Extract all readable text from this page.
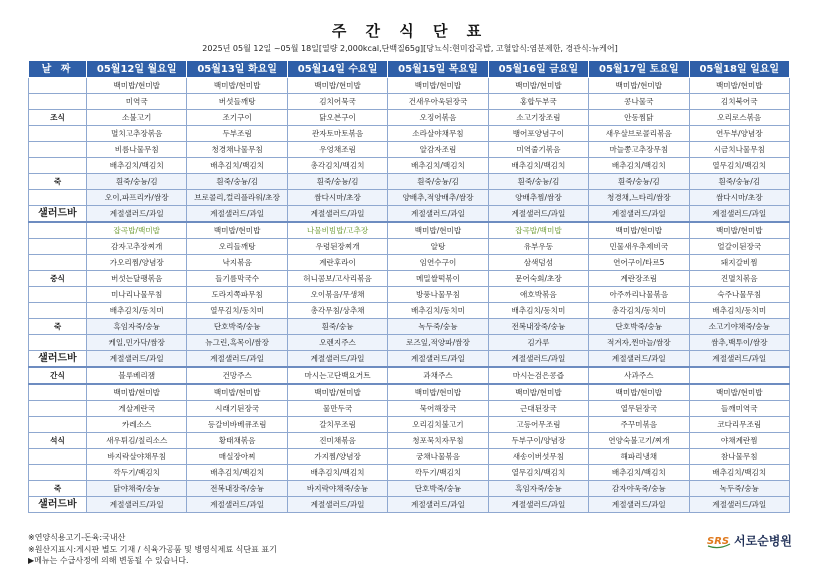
주 간 식 단 표
2025년 05월 12일 ~05월 18일[열량 2,000kcal,단백질65g][당뇨식:현미잡곡밥, 고혈압식:염분제한, 경관식:뉴케어]
날 짜	05월12일 월요일	05월13일 화요일	05월14일 수요일	05월15일 목요일	05월16일 금요일	05월17일 토요일	05월18일 일요일
	백미밥/현미밥	백미밥/현미밥	백미밥/현미밥	백미밥/현미밥	백미밥/현미밥	백미밥/현미밥	백미밥/현미밥
	미역국	버섯들깨탕	김치어묵국	건새우아욱된장국	홍합두부국	콩나물국	김치북어국
조식	소불고기	조기구이	닭오븐구이	오징어볶음	소고기장조림	안동찜닭	오리로스볶음
	멸치고추장볶음	두부조림	관자토마토볶음	소라살야채무침	뱅어포양념구이	새우살브로콜리볶음	연두부/양념장
	비름나물무침	청경채나물무침	우엉채조림	알감자조림	미역줄기볶음	마늘쫑고추장무침	시금치나물무침
	배추김치/백김치	배추김치/백김치	총각김치/백김치	배추김치/백김치	배추김치/백김치	배추김치/백김치	열무김치/백김치
죽	흰죽/숭늉/김	흰죽/숭늉/김	흰죽/숭늉/김	흰죽/숭늉/김	흰죽/숭늉/김	흰죽/숭늉/김	흰죽/숭늉/김
	오이,파프리카/쌈장	브로콜리,컬리플라워/초장	쌈다시마/초장	양배추,적양배추/쌈장	양배추찜/쌈장	청경채,느타리/쌈장	쌈다시마/초장
샐러드바	계절샐러드/과일	계절샐러드/과일	계절샐러드/과일	계절샐러드/과일	계절샐러드/과일	계절샐러드/과일	계절샐러드/과일
	잡곡밥/백미밥	백미밥/현미밥	나물비빔밥/고추장	백미밥/현미밥	잡곡밥/백미밥	백미밥/현미밥	백미밥/현미밥
	감자고추장찌개	오리들깨탕	우렁된장찌개	알탕	유부우동	민물새우추제비국	얼갈이된장국
	가오리찜/양념장	낙지볶음	계란후라이	임연수구이	삼색덤섬	연어구이/타르5	돼지갈비찜
중식	버섯는달팽볶음	들기름막국수	허니콤보/고사리볶음	메밀쌀떡볶이	문어숙회/초장	계란장조림	진멸치볶음
	미나리나물무침	도라지쪽파무침	오이볶음/무생채	방풍나물무침	애호박볶음	아주까리나물볶음	숙주나물무침
	배추김치/동치미	열무김치/동치미	총각무침/상추채	배추김치/동치미	배추김치/동치미	총각김치/동치미	배추김치/동치미
죽	흑임자죽/숭늉	단호박죽/숭늉	흰죽/숭늉	녹두죽/숭늉	전복내장죽/숭늉	단호박죽/숭늉	소고기야채죽/숭늉
	케일,민가닥/쌈장	뉴그린,흑목이/쌈장	오렌지주스	로즈잎,적양파/쌈장	김가루	적겨자,찐마늘/쌈장	쌈추,백투이/쌈장
샐러드바	계절샐러드/과일	계절샐러드/과일	계절샐러드/과일	계절샐러드/과일	계절샐러드/과일	계절샐러드/과일	계절샐러드/과일
간식	블루베리잼	건망주스	마시는고단백요거트	과채주스	마시는검은콩즙	사과주스	
	백미밥/현미밥	백미밥/현미밥	백미밥/현미밥	백미밥/현미밥	백미밥/현미밥	백미밥/현미밥	백미밥/현미밥
	게살계란국	시래기된장국	물만두국	묵어해장국	근대된장국	열무된장국	들깨미역국
	카레소스	등갈비바베큐조림	갈치무조림	오리김치불고기	고등어무조림	주꾸미볶음	코다리무조림
석식	새우튀김/칠리소스	황태채볶음	진미채볶음	청포묵치자무침	두부구이/양념장	연양숙불고기/찌개	야채계란찜
	바지락살야채무침	매실장아찌	가지찜/양념장	궁채나물볶음	새송이버섯무침	해파리냉채	참나물무침
	깍두기/백김치	배추김치/백김치	배추김치/백김치	깍두기/백김치	열무김치/백김치	배추김치/백김치	배추김치/백김치
죽	닭야채죽/숭늉	전복내장죽/숭늉	바지락야채죽/숭늉	단호박죽/숭늉	흑임자죽/숭늉	감자야욱죽/숭늉	녹두죽/숭늉
샐러드바	계절샐러드/과일	계절샐러드/과일	계절샐러드/과일	계절샐러드/과일	계절샐러드/과일	계절샐러드/과일	계절샐러드/과일
※연양식용고기-돈육:국내산
※원산지표시:게시판 별도 기재 / 식육가공품 및 병영식제료 식단표 표기
▶메뉴는 수급사정에 의해 변동될 수 있습니다.
SRS 서로순병원
